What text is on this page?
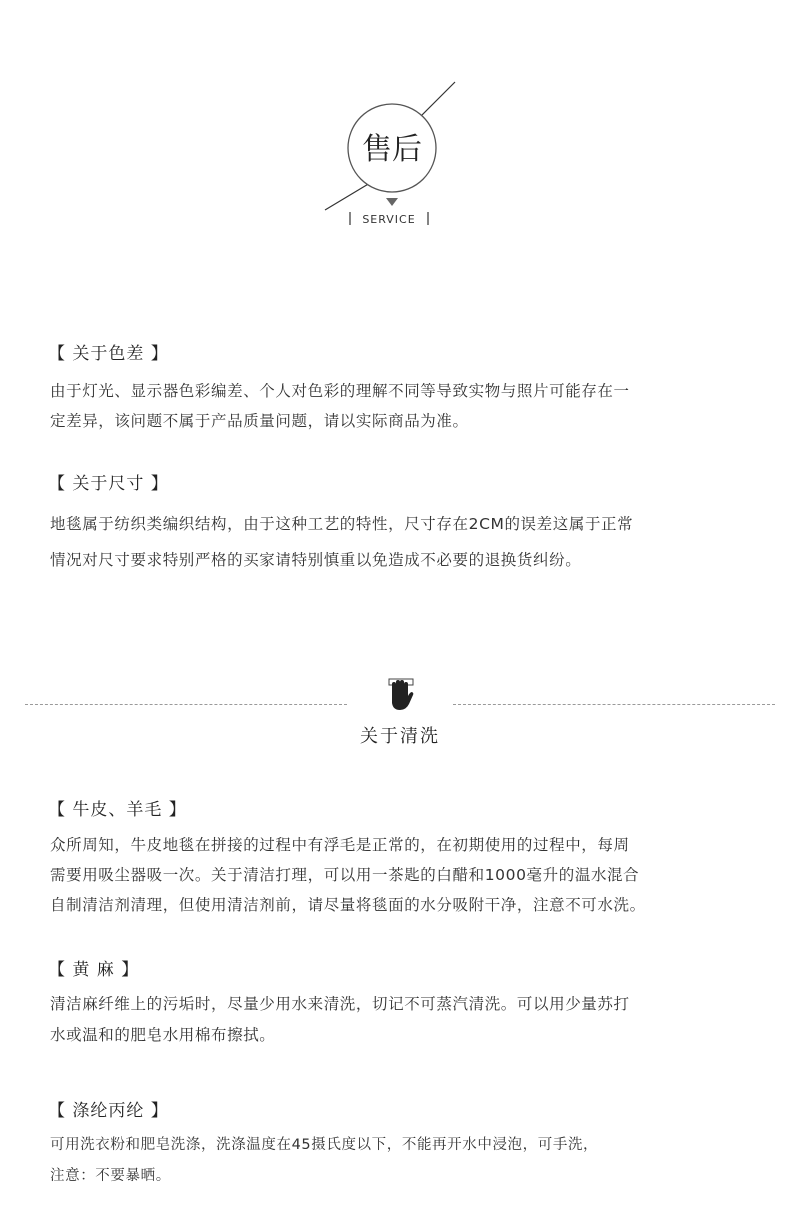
售后
SERVICE
【 关于色差 】

由于灯光、显示器色彩编差、个人对色彩的理解不同等导致实物与照片可能存在一

定差异，该问题不属于产品质量问题，请以实际商品为准。

【 关于尺寸 】

地毯属于纺织类编织结构，由于这种工艺的特性，尺寸存在2CM的误差这属于正常

情况对尺寸要求特别严格的买家请特别慎重以免造成不必要的退换货纠纷。

关于清洗
【 牛皮、羊毛 】

众所周知，牛皮地毯在拼接的过程中有浮毛是正常的，在初期使用的过程中，每周

需要用吸尘器吸一次。关于清洁打理，可以用一茶匙的白醋和1000毫升的温水混合

自制清洁剂清理，但使用清洁剂前，请尽量将毯面的水分吸附干净，注意不可水洗。

【 黄 麻 】

清洁麻纤维上的污垢时，尽量少用水来清洗，切记不可蒸汽清洗。可以用少量苏打

水或温和的肥皂水用棉布擦拭。

【 涤纶丙纶 】

可用洗衣粉和肥皂洗涤，洗涤温度在45摄氏度以下，不能再开水中浸泡，可手洗，

注意：不要暴晒。
